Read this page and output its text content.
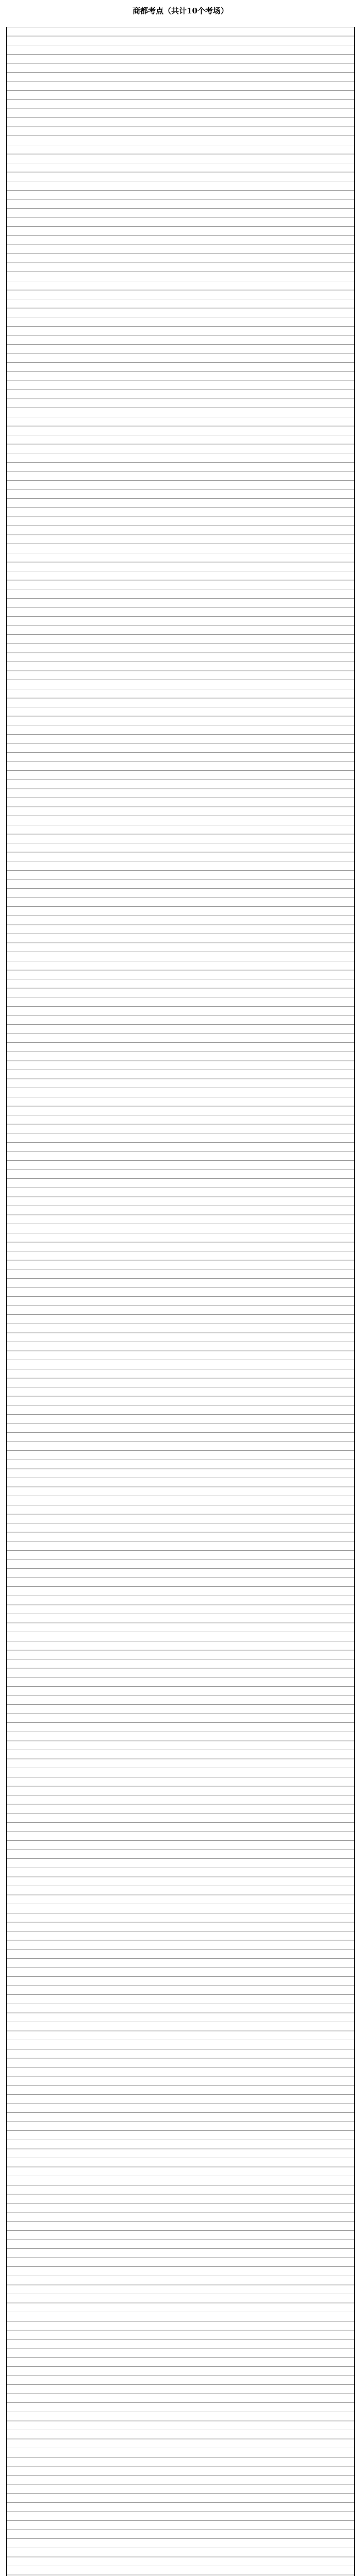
商都考点（共计10个考场）
